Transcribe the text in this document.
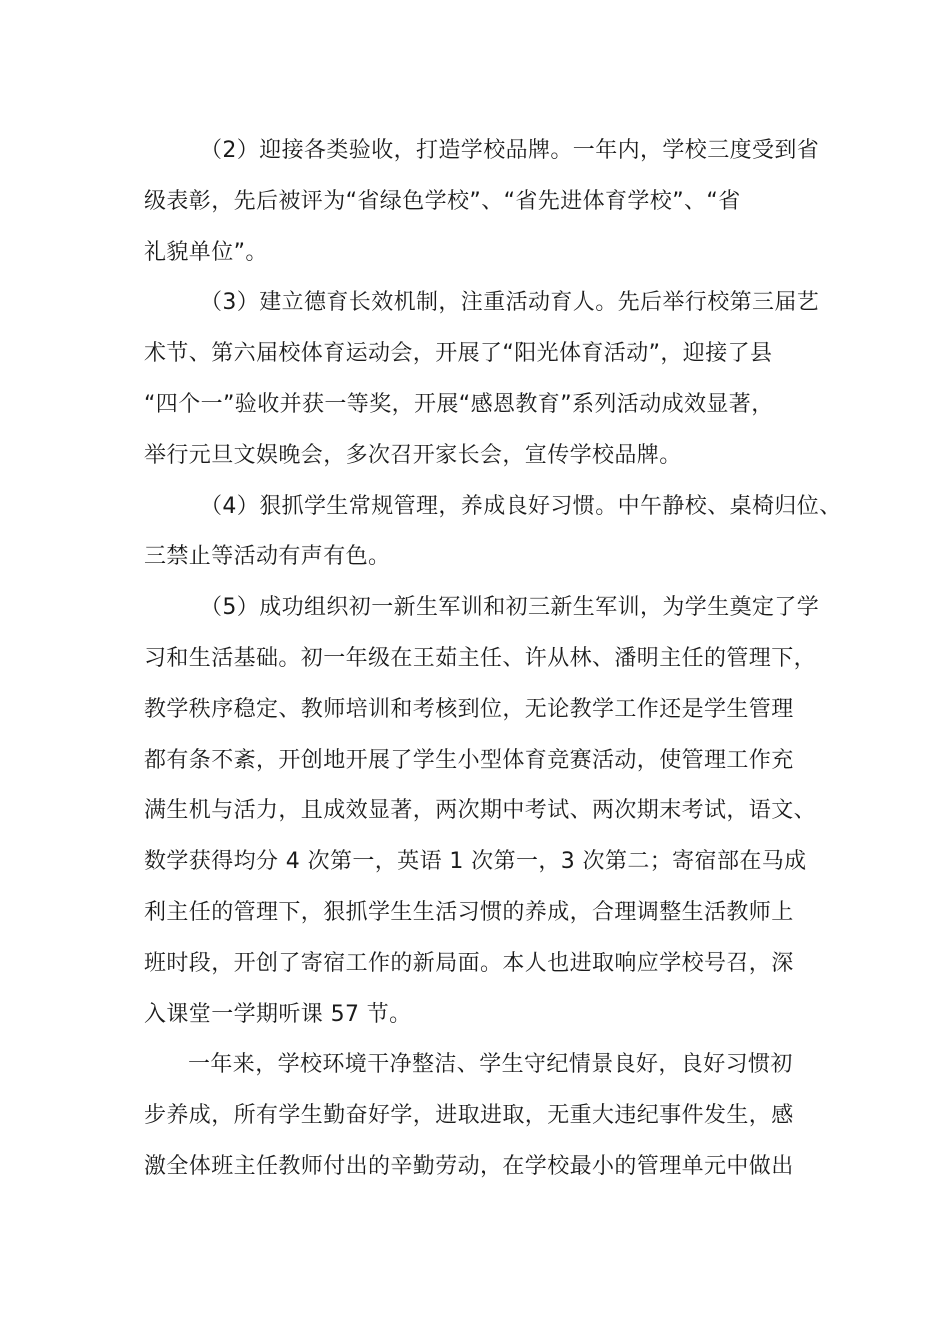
（2）迎接各类验收，打造学校品牌。一年内，学校三度受到省
级表彰，先后被评为“省绿色学校”、“省先进体育学校”、“省
礼貌单位”。
（3）建立德育长效机制，注重活动育人。先后举行校第三届艺
术节、第六届校体育运动会，开展了“阳光体育活动”，迎接了县
“四个一”验收并获一等奖，开展“感恩教育”系列活动成效显著，
举行元旦文娱晚会，多次召开家长会，宣传学校品牌。
（4）狠抓学生常规管理，养成良好习惯。中午静校、桌椅归位、
三禁止等活动有声有色。
（5）成功组织初一新生军训和初三新生军训，为学生奠定了学
习和生活基础。初一年级在王茹主任、许从林、潘明主任的管理下，
教学秩序稳定、教师培训和考核到位，无论教学工作还是学生管理
都有条不紊，开创地开展了学生小型体育竞赛活动，使管理工作充
满生机与活力，且成效显著，两次期中考试、两次期末考试，语文、
数学获得均分 4 次第一，英语 1 次第一，3 次第二；寄宿部在马成
利主任的管理下，狠抓学生生活习惯的养成，合理调整生活教师上
班时段，开创了寄宿工作的新局面。本人也进取响应学校号召，深
入课堂一学期听课 57 节。
一年来，学校环境干净整洁、学生守纪情景良好，良好习惯初
步养成，所有学生勤奋好学，进取进取，无重大违纪事件发生，感
激全体班主任教师付出的辛勤劳动，在学校最小的管理单元中做出
